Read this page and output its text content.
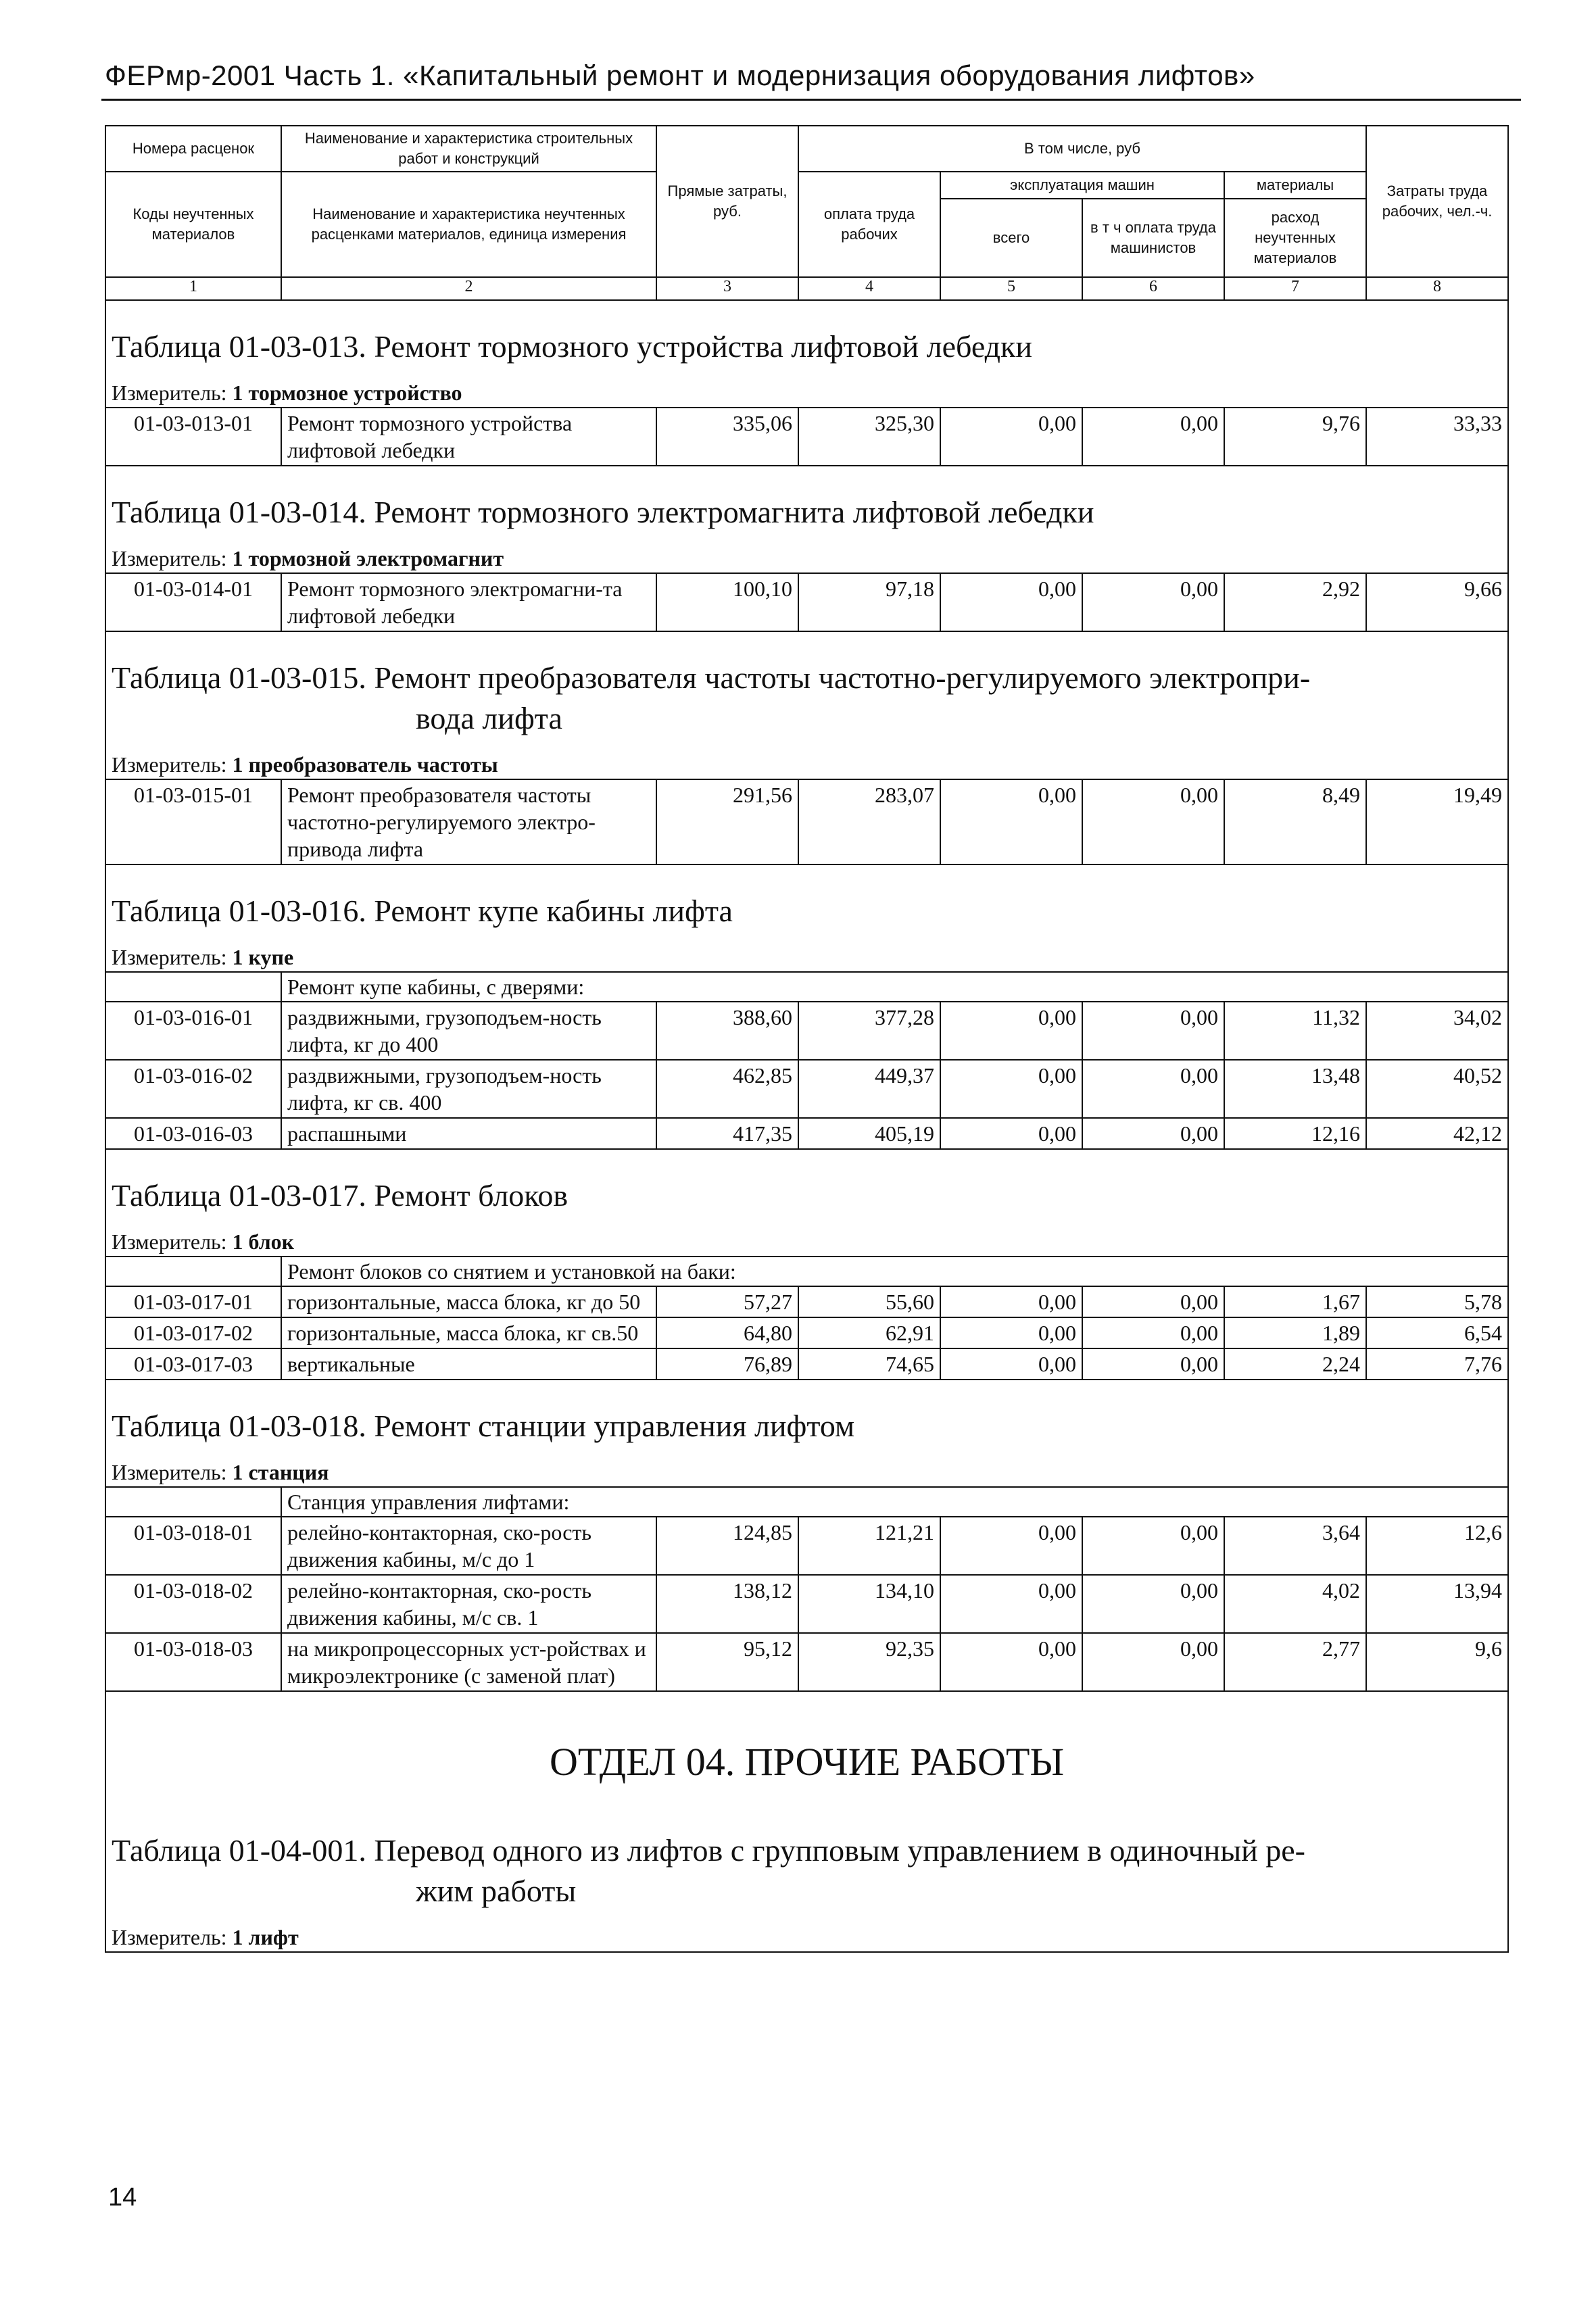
ФЕРмр-2001 Часть 1. «Капитальный ремонт и модернизация оборудования лифтов»
Номера расценок	Наименование и характеристика строительных работ и конструкций	Прямые затраты, руб.	В том числе, руб				Затраты труда рабочих, чел.-ч.
Коды неучтенных материалов	Наименование и характеристика неучтенных расценками материалов, единица измерения		оплата труда рабочих	эксплуатация машин		материалы	
				всего	в т ч оплата труда машинистов	расход неучтенных материалов	
1	2	3	4	5	6	7	8
Таблица 01-03-013. Ремонт тормозного устройства лифтовой лебедки							
Измеритель: 1 тормозное устройство							
01-03-013-01	Ремонт тормозного устройства лифтовой лебедки	335,06	325,30	0,00	0,00	9,76	33,33
Таблица 01-03-014. Ремонт тормозного электромагнита лифтовой лебедки							
Измеритель: 1 тормозной электромагнит							
01-03-014-01	Ремонт тормозного электромагни-та лифтовой лебедки	100,10	97,18	0,00	0,00	2,92	9,66
Таблица 01-03-015. Ремонт преобразователя частоты частотно-регулируемого электропри-
вода лифта							

Измеритель: 1 преобразователь частоты							
01-03-015-01	Ремонт преобразователя частоты частотно-регулируемого электро-привода лифта	291,56	283,07	0,00	0,00	8,49	19,49
Таблица 01-03-016. Ремонт купе кабины лифта							
Измеритель: 1 купе							
	Ремонт купе кабины, с дверями:						
01-03-016-01	раздвижными, грузоподъем-ность лифта, кг до 400	388,60	377,28	0,00	0,00	11,32	34,02
01-03-016-02	раздвижными, грузоподъем-ность лифта, кг св. 400	462,85	449,37	0,00	0,00	13,48	40,52
01-03-016-03	распашными	417,35	405,19	0,00	0,00	12,16	42,12
Таблица 01-03-017. Ремонт блоков							
Измеритель: 1 блок							
	Ремонт блоков со снятием и установкой на баки:						
01-03-017-01	горизонтальные, масса блока, кг до 50	57,27	55,60	0,00	0,00	1,67	5,78
01-03-017-02	горизонтальные, масса блока, кг св.50	64,80	62,91	0,00	0,00	1,89	6,54
01-03-017-03	вертикальные	76,89	74,65	0,00	0,00	2,24	7,76
Таблица 01-03-018. Ремонт станции управления лифтом							
Измеритель: 1 станция							
	Станция управления лифтами:						
01-03-018-01	релейно-контакторная, ско-рость движения кабины, м/с до 1	124,85	121,21	0,00	0,00	3,64	12,6
01-03-018-02	релейно-контакторная, ско-рость движения кабины, м/с св. 1	138,12	134,10	0,00	0,00	4,02	13,94
01-03-018-03	на микропроцессорных уст-ройствах и микроэлектронике (с заменой плат)	95,12	92,35	0,00	0,00	2,77	9,6
ОТДЕЛ 04. ПРОЧИЕ РАБОТЫ							
Таблица 01-04-001. Перевод одного из лифтов с групповым управлением в одиночный ре-
жим работы							

Измеритель: 1 лифт							
14
